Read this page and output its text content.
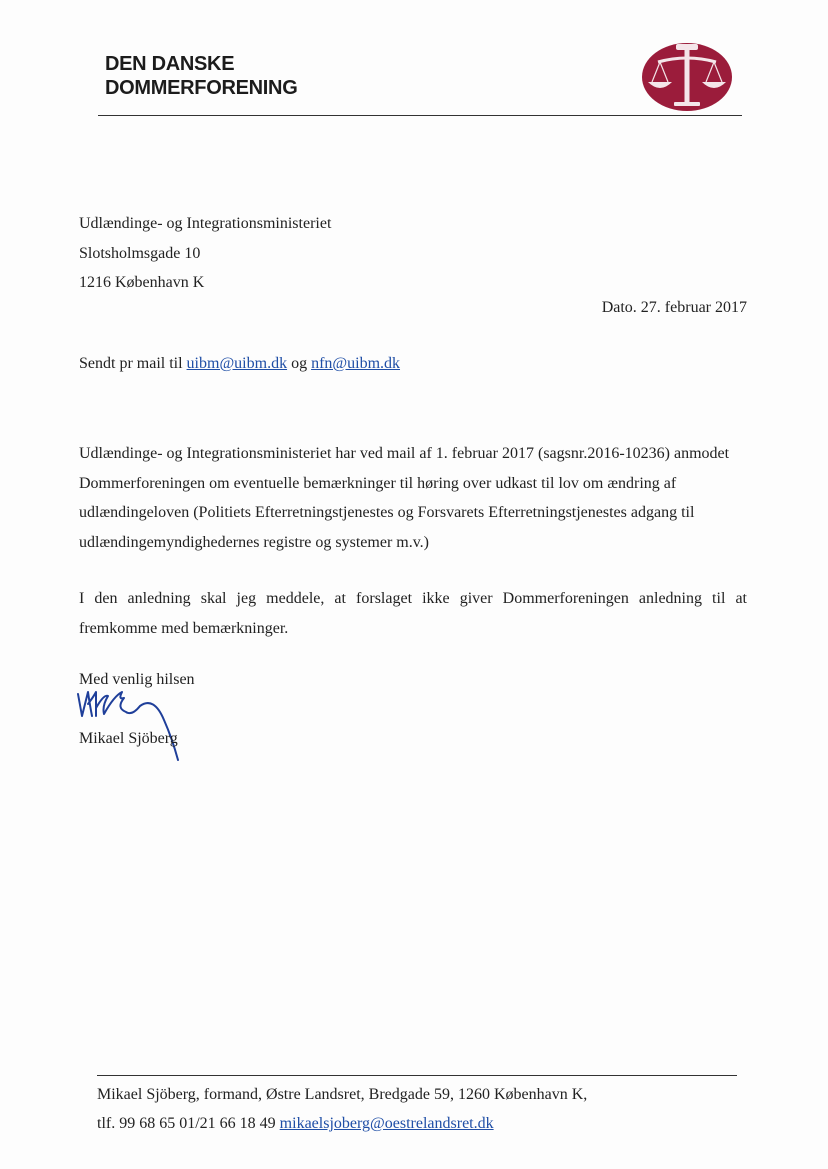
DEN DANSKE
DOMMERFORENING
Udlændinge- og Integrationsministeriet
Slotsholmsgade 10
1216 København K
Dato. 27. februar 2017
Sendt pr mail til uibm@uibm.dk og nfn@uibm.dk

Udlændinge- og Integrationsministeriet har ved mail af 1. februar 2017 (sagsnr.2016-10236) anmodet Dommerforeningen om eventuelle bemærkninger til høring over udkast til lov om ændring af udlændingeloven (Politiets Efterretningstjenestes og Forsvarets Efterretningstjenestes adgang til udlændingemyndighedernes registre og systemer m.v.)

I den anledning skal jeg meddele, at forslaget ikke giver Dommerforeningen anledning til at fremkomme med bemærkninger.

Med venlig hilsen
Mikael Sjöberg
Mikael Sjöberg, formand, Østre Landsret, Bredgade 59, 1260 København K,
tlf. 99 68 65 01/21 66 18 49 mikaelsjoberg@oestrelandsret.dk
